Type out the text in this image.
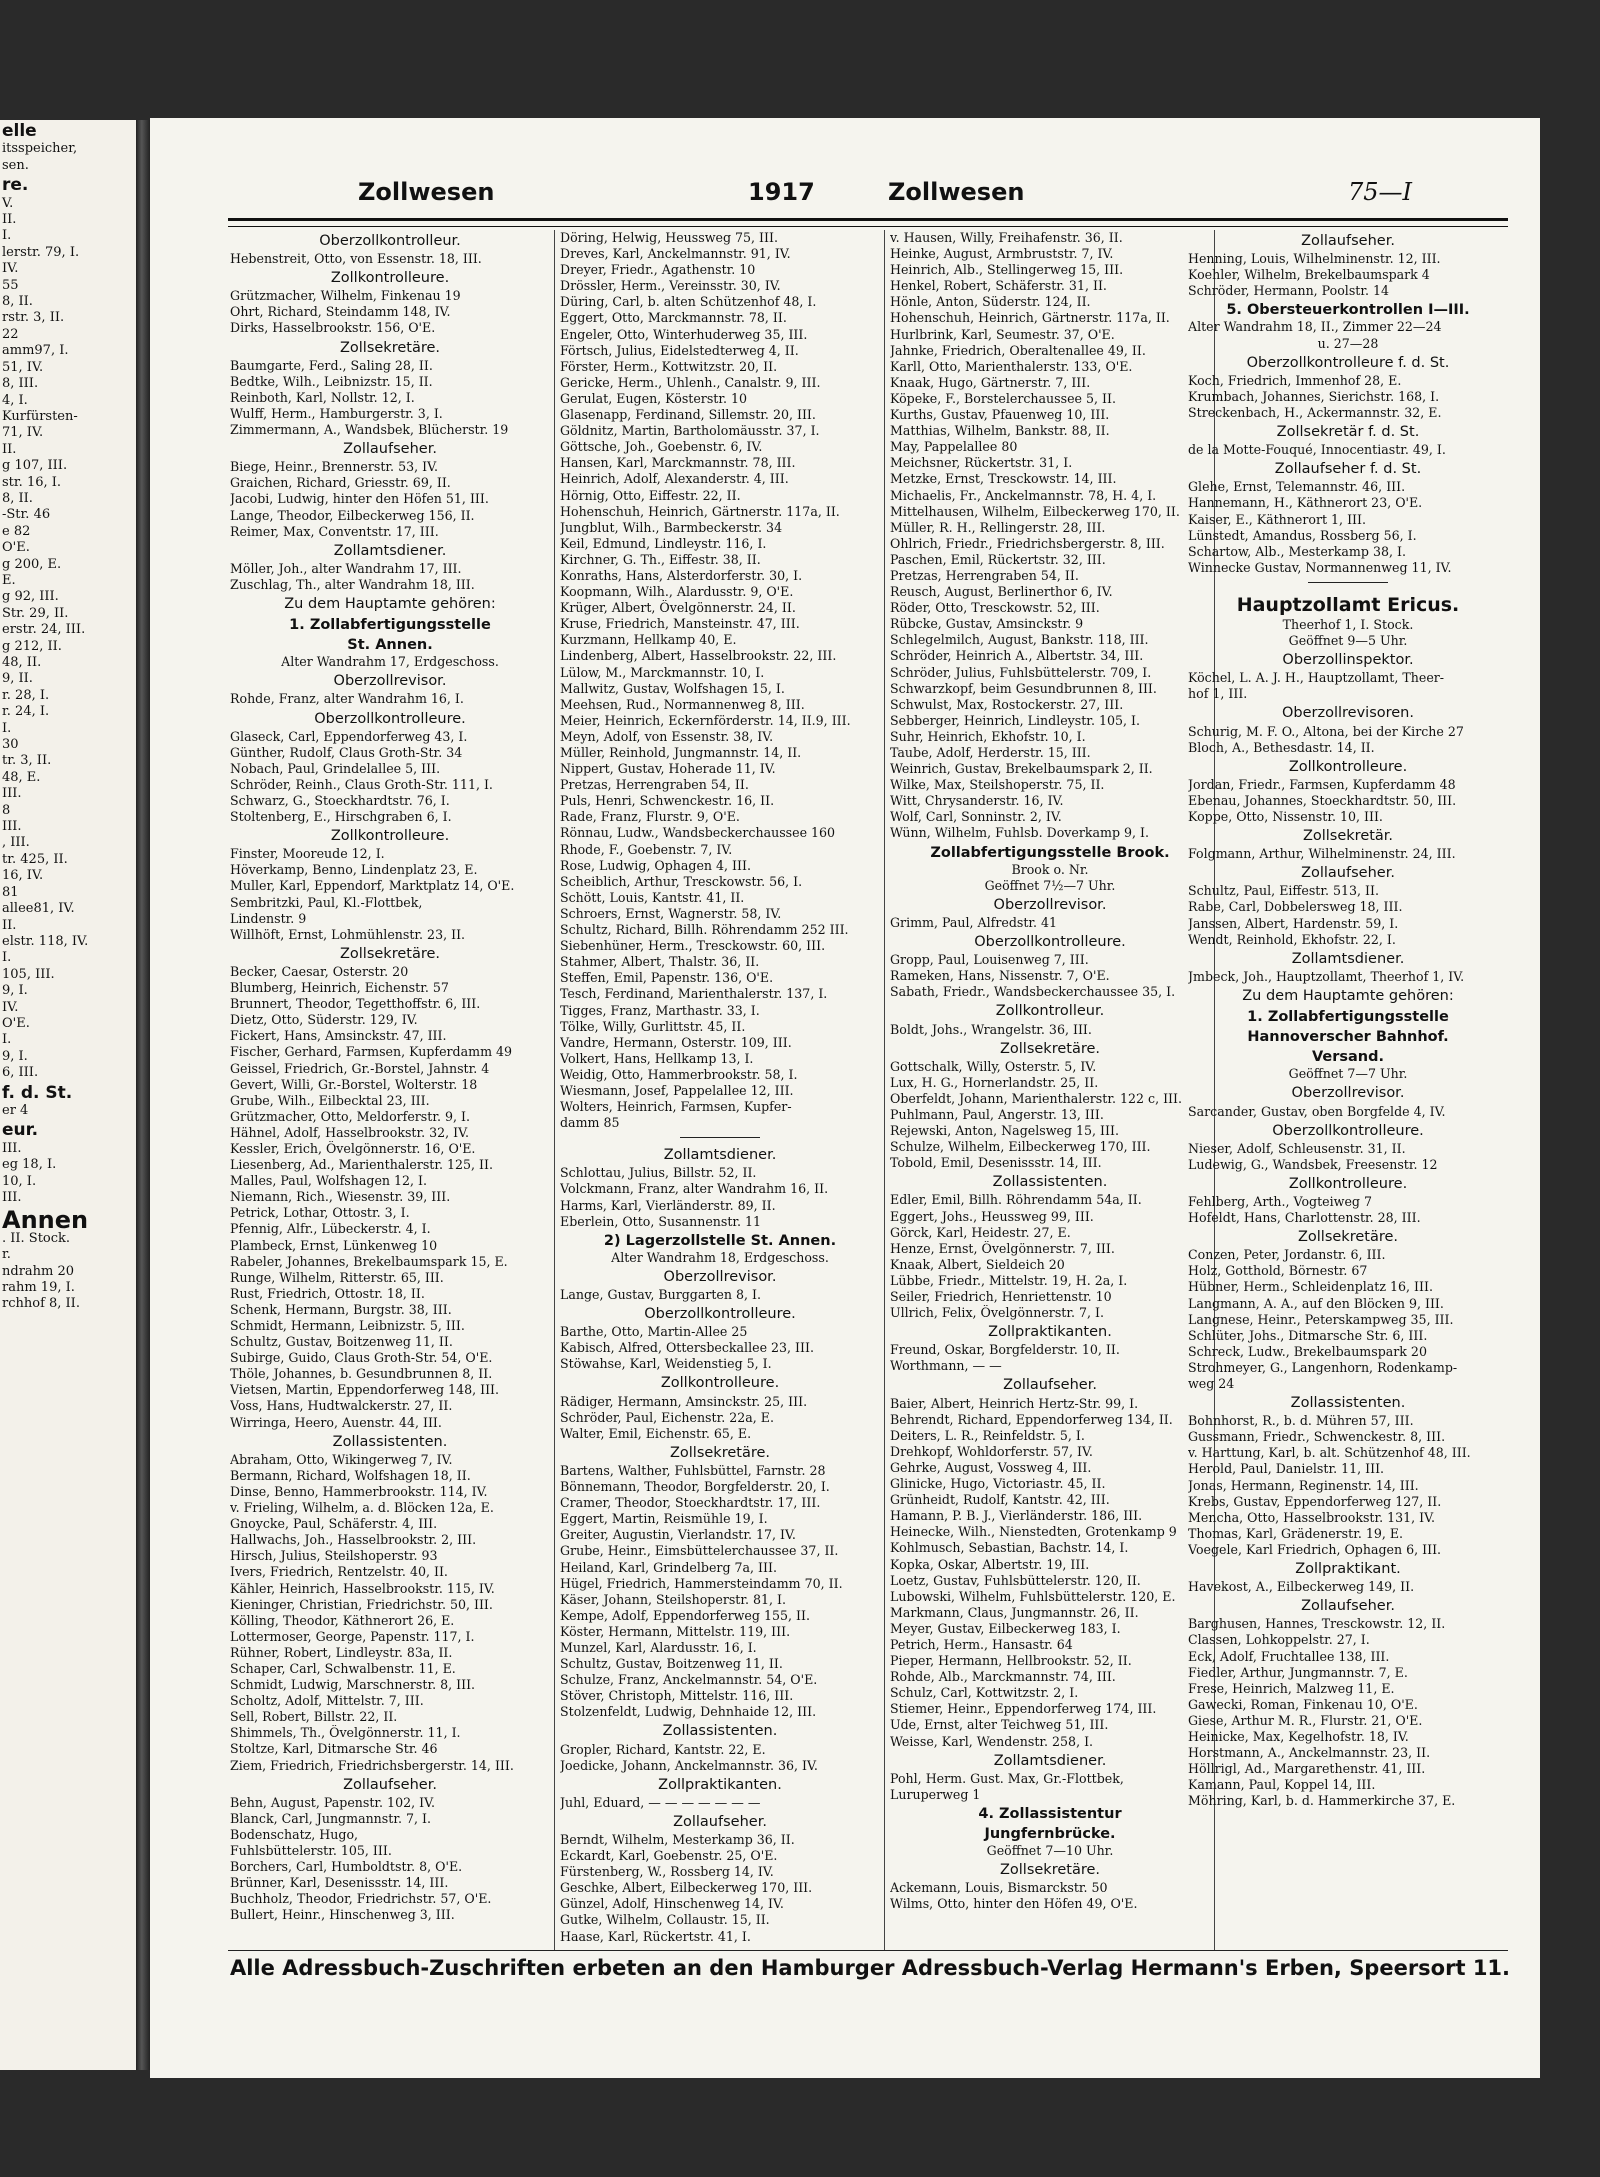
elle
itsspeicher,
sen.
re.
V.
II.
I.
lerstr. 79, I.
IV.
55
8, II.
rstr. 3, II.
22
amm97, I.
51, IV.
8, III.
4, I.
Kurfürsten-
71, IV.
II.
g 107, III.
str. 16, I.
8, II.
-Str. 46
e 82
O'E.
g 200, E.
E.
g 92, III.
Str. 29, II.
erstr. 24, III.
g 212, II.
48, II.
9, II.
r. 28, I.
r. 24, I.
I.
30
tr. 3, II.
48, E.
III.
8
III.
, III.
tr. 425, II.
16, IV.
81
allee81, IV.
II.
elstr. 118, IV.
I.
105, III.
9, I.
IV.
O'E.
I.
9, I.
6, III.
f. d. St.
er 4
eur.
III.
eg 18, I.
10, I.
III.
Annen
. II. Stock.
r.
ndrahm 20
rahm 19, I.
rchhof 8, II.
Zollwesen	1917	Zollwesen	75—I
Oberzollkontrolleur.
Hebenstreit, Otto, von Essenstr. 18, III.
Zollkontrolleure.
Grützmacher, Wilhelm, Finkenau 19
Ohrt, Richard, Steindamm 148, IV.
Dirks, Hasselbrookstr. 156, O'E.
Zollsekretäre.
Baumgarte, Ferd., Saling 28, II.
Bedtke, Wilh., Leibnizstr. 15, II.
Reinboth, Karl, Nollstr. 12, I.
Wulff, Herm., Hamburgerstr. 3, I.
Zimmermann, A., Wandsbek, Blücherstr. 19
Zollaufseher.
Biege, Heinr., Brennerstr. 53, IV.
Graichen, Richard, Griesstr. 69, II.
Jacobi, Ludwig, hinter den Höfen 51, III.
Lange, Theodor, Eilbeckerweg 156, II.
Reimer, Max, Conventstr. 17, III.
Zollamtsdiener.
Möller, Joh., alter Wandrahm 17, III.
Zuschlag, Th., alter Wandrahm 18, III.
Zu dem Hauptamte gehören:
1. Zollabfertigungsstelle
St. Annen.
Alter Wandrahm 17, Erdgeschoss.
Oberzollrevisor.
Rohde, Franz, alter Wandrahm 16, I.
Oberzollkontrolleure.
Glaseck, Carl, Eppendorferweg 43, I.
Günther, Rudolf, Claus Groth-Str. 34
Nobach, Paul, Grindelallee 5, III.
Schröder, Reinh., Claus Groth-Str. 111, I.
Schwarz, G., Stoeckhardtstr. 76, I.
Stoltenberg, E., Hirschgraben 6, I.
Zollkontrolleure.
Finster, Mooreude 12, I.
Höverkamp, Benno, Lindenplatz 23, E.
Muller, Karl, Eppendorf, Marktplatz 14, O'E.
Sembritzki, Paul, Kl.-Flottbek,
Lindenstr. 9
Willhöft, Ernst, Lohmühlenstr. 23, II.
Zollsekretäre.
Becker, Caesar, Osterstr. 20
Blumberg, Heinrich, Eichenstr. 57
Brunnert, Theodor, Tegetthoffstr. 6, III.
Dietz, Otto, Süderstr. 129, IV.
Fickert, Hans, Amsinckstr. 47, III.
Fischer, Gerhard, Farmsen, Kupferdamm 49
Geissel, Friedrich, Gr.-Borstel, Jahnstr. 4
Gevert, Willi, Gr.-Borstel, Wolterstr. 18
Grube, Wilh., Eilbecktal 23, III.
Grützmacher, Otto, Meldorferstr. 9, I.
Hähnel, Adolf, Hasselbrookstr. 32, IV.
Kessler, Erich, Övelgönnerstr. 16, O'E.
Liesenberg, Ad., Marienthalerstr. 125, II.
Malles, Paul, Wolfshagen 12, I.
Niemann, Rich., Wiesenstr. 39, III.
Petrick, Lothar, Ottostr. 3, I.
Pfennig, Alfr., Lübeckerstr. 4, I.
Plambeck, Ernst, Lünkenweg 10
Rabeler, Johannes, Brekelbaumspark 15, E.
Runge, Wilhelm, Ritterstr. 65, III.
Rust, Friedrich, Ottostr. 18, II.
Schenk, Hermann, Burgstr. 38, III.
Schmidt, Hermann, Leibnizstr. 5, III.
Schultz, Gustav, Boitzenweg 11, II.
Subirge, Guido, Claus Groth-Str. 54, O'E.
Thöle, Johannes, b. Gesundbrunnen 8, II.
Vietsen, Martin, Eppendorferweg 148, III.
Voss, Hans, Hudtwalckerstr. 27, II.
Wirringa, Heero, Auenstr. 44, III.
Zollassistenten.
Abraham, Otto, Wikingerweg 7, IV.
Bermann, Richard, Wolfshagen 18, II.
Dinse, Benno, Hammerbrookstr. 114, IV.
v. Frieling, Wilhelm, a. d. Blöcken 12a, E.
Gnoycke, Paul, Schäferstr. 4, III.
Hallwachs, Joh., Hasselbrookstr. 2, III.
Hirsch, Julius, Steilshoperstr. 93
Ivers, Friedrich, Rentzelstr. 40, II.
Kähler, Heinrich, Hasselbrookstr. 115, IV.
Kieninger, Christian, Friedrichstr. 50, III.
Kölling, Theodor, Käthnerort 26, E.
Lottermoser, George, Papenstr. 117, I.
Rühner, Robert, Lindleystr. 83a, II.
Schaper, Carl, Schwalbenstr. 11, E.
Schmidt, Ludwig, Marschnerstr. 8, III.
Scholtz, Adolf, Mittelstr. 7, III.
Sell, Robert, Billstr. 22, II.
Shimmels, Th., Övelgönnerstr. 11, I.
Stoltze, Karl, Ditmarsche Str. 46
Ziem, Friedrich, Friedrichsbergerstr. 14, III.
Zollaufseher.
Behn, August, Papenstr. 102, IV.
Blanck, Carl, Jungmannstr. 7, I.
Bodenschatz, Hugo,
Fuhlsbüttelerstr. 105, III.
Borchers, Carl, Humboldtstr. 8, O'E.
Brünner, Karl, Desenissstr. 14, III.
Buchholz, Theodor, Friedrichstr. 57, O'E.
Bullert, Heinr., Hinschenweg 3, III.
Döring, Helwig, Heussweg 75, III.
Dreves, Karl, Anckelmannstr. 91, IV.
Dreyer, Friedr., Agathenstr. 10
Drössler, Herm., Vereinsstr. 30, IV.
Düring, Carl, b. alten Schützenhof 48, I.
Eggert, Otto, Marckmannstr. 78, II.
Engeler, Otto, Winterhuderweg 35, III.
Förtsch, Julius, Eidelstedterweg 4, II.
Förster, Herm., Kottwitzstr. 20, II.
Gericke, Herm., Uhlenh., Canalstr. 9, III.
Gerulat, Eugen, Kösterstr. 10
Glasenapp, Ferdinand, Sillemstr. 20, III.
Göldnitz, Martin, Bartholomäusstr. 37, I.
Göttsche, Joh., Goebenstr. 6, IV.
Hansen, Karl, Marckmannstr. 78, III.
Heinrich, Adolf, Alexanderstr. 4, III.
Hörnig, Otto, Eiffestr. 22, II.
Hohenschuh, Heinrich, Gärtnerstr. 117a, II.
Jungblut, Wilh., Barmbeckerstr. 34
Keil, Edmund, Lindleystr. 116, I.
Kirchner, G. Th., Eiffestr. 38, II.
Konraths, Hans, Alsterdorferstr. 30, I.
Koopmann, Wilh., Alardusstr. 9, O'E.
Krüger, Albert, Övelgönnerstr. 24, II.
Kruse, Friedrich, Mansteinstr. 47, III.
Kurzmann, Hellkamp 40, E.
Lindenberg, Albert, Hasselbrookstr. 22, III.
Lülow, M., Marckmannstr. 10, I.
Mallwitz, Gustav, Wolfshagen 15, I.
Meehsen, Rud., Normannenweg 8, III.
Meier, Heinrich, Eckernförderstr. 14, II.9, III.
Meyn, Adolf, von Essenstr. 38, IV.
Müller, Reinhold, Jungmannstr. 14, II.
Nippert, Gustav, Hoherade 11, IV.
Pretzas, Herrengraben 54, II.
Puls, Henri, Schwenckestr. 16, II.
Rade, Franz, Flurstr. 9, O'E.
Rönnau, Ludw., Wandsbeckerchaussee 160
Rhode, F., Goebenstr. 7, IV.
Rose, Ludwig, Ophagen 4, III.
Scheiblich, Arthur, Tresckowstr. 56, I.
Schött, Louis, Kantstr. 41, II.
Schroers, Ernst, Wagnerstr. 58, IV.
Schultz, Richard, Billh. Röhrendamm 252 III.
Siebenhüner, Herm., Tresckowstr. 60, III.
Stahmer, Albert, Thalstr. 36, II.
Steffen, Emil, Papenstr. 136, O'E.
Tesch, Ferdinand, Marienthalerstr. 137, I.
Tigges, Franz, Marthastr. 33, I.
Tölke, Willy, Gurlittstr. 45, II.
Vandre, Hermann, Osterstr. 109, III.
Volkert, Hans, Hellkamp 13, I.
Weidig, Otto, Hammerbrookstr. 58, I.
Wiesmann, Josef, Pappelallee 12, III.
Wolters, Heinrich, Farmsen, Kupfer-
damm 85
Zollamtsdiener.
Schlottau, Julius, Billstr. 52, II.
Volckmann, Franz, alter Wandrahm 16, II.
Harms, Karl, Vierländerstr. 89, II.
Eberlein, Otto, Susannenstr. 11
2) Lagerzollstelle St. Annen.
Alter Wandrahm 18, Erdgeschoss.
Oberzollrevisor.
Lange, Gustav, Burggarten 8, I.
Oberzollkontrolleure.
Barthe, Otto, Martin-Allee 25
Kabisch, Alfred, Ottersbeckallee 23, III.
Stöwahse, Karl, Weidenstieg 5, I.
Zollkontrolleure.
Rädiger, Hermann, Amsinckstr. 25, III.
Schröder, Paul, Eichenstr. 22a, E.
Walter, Emil, Eichenstr. 65, E.
Zollsekretäre.
Bartens, Walther, Fuhlsbüttel, Farnstr. 28
Bönnemann, Theodor, Borgfelderstr. 20, I.
Cramer, Theodor, Stoeckhardtstr. 17, III.
Eggert, Martin, Reismühle 19, I.
Greiter, Augustin, Vierlandstr. 17, IV.
Grube, Heinr., Eimsbüttelerchaussee 37, II.
Heiland, Karl, Grindelberg 7a, III.
Hügel, Friedrich, Hammersteindamm 70, II.
Käser, Johann, Steilshoperstr. 81, I.
Kempe, Adolf, Eppendorferweg 155, II.
Köster, Hermann, Mittelstr. 119, III.
Munzel, Karl, Alardusstr. 16, I.
Schultz, Gustav, Boitzenweg 11, II.
Schulze, Franz, Anckelmannstr. 54, O'E.
Stöver, Christoph, Mittelstr. 116, III.
Stolzenfeldt, Ludwig, Dehnhaide 12, III.
Zollassistenten.
Gropler, Richard, Kantstr. 22, E.
Joedicke, Johann, Anckelmannstr. 36, IV.
Zollpraktikanten.
Juhl, Eduard, — — — — — — —
Zollaufseher.
Berndt, Wilhelm, Mesterkamp 36, II.
Eckardt, Karl, Goebenstr. 25, O'E.
Fürstenberg, W., Rossberg 14, IV.
Geschke, Albert, Eilbeckerweg 170, III.
Günzel, Adolf, Hinschenweg 14, IV.
Gutke, Wilhelm, Collaustr. 15, II.
Haase, Karl, Rückertstr. 41, I.
v. Hausen, Willy, Freihafenstr. 36, II.
Heinke, August, Armbruststr. 7, IV.
Heinrich, Alb., Stellingerweg 15, III.
Henkel, Robert, Schäferstr. 31, II.
Hönle, Anton, Süderstr. 124, II.
Hohenschuh, Heinrich, Gärtnerstr. 117a, II.
Hurlbrink, Karl, Seumestr. 37, O'E.
Jahnke, Friedrich, Oberaltenallee 49, II.
Karll, Otto, Marienthalerstr. 133, O'E.
Knaak, Hugo, Gärtnerstr. 7, III.
Köpeke, F., Borstelerchaussee 5, II.
Kurths, Gustav, Pfauenweg 10, III.
Matthias, Wilhelm, Bankstr. 88, II.
May, Pappelallee 80
Meichsner, Rückertstr. 31, I.
Metzke, Ernst, Tresckowstr. 14, III.
Michaelis, Fr., Anckelmannstr. 78, H. 4, I.
Mittelhausen, Wilhelm, Eilbeckerweg 170, II.
Müller, R. H., Rellingerstr. 28, III.
Ohlrich, Friedr., Friedrichsbergerstr. 8, III.
Paschen, Emil, Rückertstr. 32, III.
Pretzas, Herrengraben 54, II.
Reusch, August, Berlinerthor 6, IV.
Röder, Otto, Tresckowstr. 52, III.
Rübcke, Gustav, Amsinckstr. 9
Schlegelmilch, August, Bankstr. 118, III.
Schröder, Heinrich A., Albertstr. 34, III.
Schröder, Julius, Fuhlsbüttelerstr. 709, I.
Schwarzkopf, beim Gesundbrunnen 8, III.
Schwulst, Max, Rostockerstr. 27, III.
Sebberger, Heinrich, Lindleystr. 105, I.
Suhr, Heinrich, Ekhofstr. 10, I.
Taube, Adolf, Herderstr. 15, III.
Weinrich, Gustav, Brekelbaumspark 2, II.
Wilke, Max, Steilshoperstr. 75, II.
Witt, Chrysanderstr. 16, IV.
Wolf, Carl, Sonninstr. 2, IV.
Wünn, Wilhelm, Fuhlsb. Doverkamp 9, I.
Zollabfertigungsstelle Brook.
Brook o. Nr.
Geöffnet 7½—7 Uhr.
Oberzollrevisor.
Grimm, Paul, Alfredstr. 41
Oberzollkontrolleure.
Gropp, Paul, Louisenweg 7, III.
Rameken, Hans, Nissenstr. 7, O'E.
Sabath, Friedr., Wandsbeckerchaussee 35, I.
Zollkontrolleur.
Boldt, Johs., Wrangelstr. 36, III.
Zollsekretäre.
Gottschalk, Willy, Osterstr. 5, IV.
Lux, H. G., Hornerlandstr. 25, II.
Oberfeldt, Johann, Marienthalerstr. 122 c, III.
Puhlmann, Paul, Angerstr. 13, III.
Rejewski, Anton, Nagelsweg 15, III.
Schulze, Wilhelm, Eilbeckerweg 170, III.
Tobold, Emil, Desenissstr. 14, III.
Zollassistenten.
Edler, Emil, Billh. Röhrendamm 54a, II.
Eggert, Johs., Heussweg 99, III.
Görck, Karl, Heidestr. 27, E.
Henze, Ernst, Övelgönnerstr. 7, III.
Knaak, Albert, Sieldeich 20
Lübbe, Friedr., Mittelstr. 19, H. 2a, I.
Seiler, Friedrich, Henriettenstr. 10
Ullrich, Felix, Övelgönnerstr. 7, I.
Zollpraktikanten.
Freund, Oskar, Borgfelderstr. 10, II.
Worthmann, — —
Zollaufseher.
Baier, Albert, Heinrich Hertz-Str. 99, I.
Behrendt, Richard, Eppendorferweg 134, II.
Deiters, L. R., Reinfeldstr. 5, I.
Drehkopf, Wohldorferstr. 57, IV.
Gehrke, August, Vossweg 4, III.
Glinicke, Hugo, Victoriastr. 45, II.
Grünheidt, Rudolf, Kantstr. 42, III.
Hamann, P. B. J., Vierländerstr. 186, III.
Heinecke, Wilh., Nienstedten, Grotenkamp 9
Kohlmusch, Sebastian, Bachstr. 14, I.
Kopka, Oskar, Albertstr. 19, III.
Loetz, Gustav, Fuhlsbüttelerstr. 120, II.
Lubowski, Wilhelm, Fuhlsbüttelerstr. 120, E.
Markmann, Claus, Jungmannstr. 26, II.
Meyer, Gustav, Eilbeckerweg 183, I.
Petrich, Herm., Hansastr. 64
Pieper, Hermann, Hellbrookstr. 52, II.
Rohde, Alb., Marckmannstr. 74, III.
Schulz, Carl, Kottwitzstr. 2, I.
Stiemer, Heinr., Eppendorferweg 174, III.
Ude, Ernst, alter Teichweg 51, III.
Weisse, Karl, Wendenstr. 258, I.
Zollamtsdiener.
Pohl, Herm. Gust. Max, Gr.-Flottbek,
Luruperweg 1
4. Zollassistentur
Jungfernbrücke.
Geöffnet 7—10 Uhr.
Zollsekretäre.
Ackemann, Louis, Bismarckstr. 50
Wilms, Otto, hinter den Höfen 49, O'E.
Zollaufseher.
Henning, Louis, Wilhelminenstr. 12, III.
Koehler, Wilhelm, Brekelbaumspark 4
Schröder, Hermann, Poolstr. 14
5. Obersteuerkontrollen I—III.
Alter Wandrahm 18, II., Zimmer 22—24
u. 27—28
Oberzollkontrolleure f. d. St.
Koch, Friedrich, Immenhof 28, E.
Krumbach, Johannes, Sierichstr. 168, I.
Streckenbach, H., Ackermannstr. 32, E.
Zollsekretär f. d. St.
de la Motte-Fouqué, Innocentiastr. 49, I.
Zollaufseher f. d. St.
Glehe, Ernst, Telemannstr. 46, III.
Hannemann, H., Käthnerort 23, O'E.
Kaiser, E., Käthnerort 1, III.
Lünstedt, Amandus, Rossberg 56, I.
Schartow, Alb., Mesterkamp 38, I.
Winnecke Gustav, Normannenweg 11, IV.
Hauptzollamt Ericus.
Theerhof 1, I. Stock.
Geöffnet 9—5 Uhr.
Oberzollinspektor.
Köchel, L. A. J. H., Hauptzollamt, Theer-
hof 1, III.
Oberzollrevisoren.
Schurig, M. F. O., Altona, bei der Kirche 27
Bloch, A., Bethesdastr. 14, II.
Zollkontrolleure.
Jordan, Friedr., Farmsen, Kupferdamm 48
Ebenau, Johannes, Stoeckhardtstr. 50, III.
Koppe, Otto, Nissenstr. 10, III.
Zollsekretär.
Folgmann, Arthur, Wilhelminenstr. 24, III.
Zollaufseher.
Schultz, Paul, Eiffestr. 513, II.
Rabe, Carl, Dobbelersweg 18, III.
Janssen, Albert, Hardenstr. 59, I.
Wendt, Reinhold, Ekhofstr. 22, I.
Zollamtsdiener.
Jmbeck, Joh., Hauptzollamt, Theerhof 1, IV.
Zu dem Hauptamte gehören:
1. Zollabfertigungsstelle
Hannoverscher Bahnhof.
Versand.
Geöffnet 7—7 Uhr.
Oberzollrevisor.
Sarcander, Gustav, oben Borgfelde 4, IV.
Oberzollkontrolleure.
Nieser, Adolf, Schleusenstr. 31, II.
Ludewig, G., Wandsbek, Freesenstr. 12
Zollkontrolleure.
Fehlberg, Arth., Vogteiweg 7
Hofeldt, Hans, Charlottenstr. 28, III.
Zollsekretäre.
Conzen, Peter, Jordanstr. 6, III.
Holz, Gotthold, Börnestr. 67
Hübner, Herm., Schleidenplatz 16, III.
Langmann, A. A., auf den Blöcken 9, III.
Langnese, Heinr., Peterskampweg 35, III.
Schlüter, Johs., Ditmarsche Str. 6, III.
Schreck, Ludw., Brekelbaumspark 20
Strohmeyer, G., Langenhorn, Rodenkamp-
weg 24
Zollassistenten.
Bohnhorst, R., b. d. Mühren 57, III.
Gussmann, Friedr., Schwenckestr. 8, III.
v. Harttung, Karl, b. alt. Schützenhof 48, III.
Herold, Paul, Danielstr. 11, III.
Jonas, Hermann, Reginenstr. 14, III.
Krebs, Gustav, Eppendorferweg 127, II.
Mencha, Otto, Hasselbrookstr. 131, IV.
Thomas, Karl, Grädenerstr. 19, E.
Voegele, Karl Friedrich, Ophagen 6, III.
Zollpraktikant.
Havekost, A., Eilbeckerweg 149, II.
Zollaufseher.
Barghusen, Hannes, Tresckowstr. 12, II.
Classen, Lohkoppelstr. 27, I.
Eck, Adolf, Fruchtallee 138, III.
Fiedler, Arthur, Jungmannstr. 7, E.
Frese, Heinrich, Malzweg 11, E.
Gawecki, Roman, Finkenau 10, O'E.
Giese, Arthur M. R., Flurstr. 21, O'E.
Heinicke, Max, Kegelhofstr. 18, IV.
Horstmann, A., Anckelmannstr. 23, II.
Höllrigl, Ad., Margarethenstr. 41, III.
Kamann, Paul, Koppel 14, III.
Möhring, Karl, b. d. Hammerkirche 37, E.
Alle Adressbuch-Zuschriften erbeten an den Hamburger Adressbuch-Verlag Hermann's Erben, Speersort 11.
